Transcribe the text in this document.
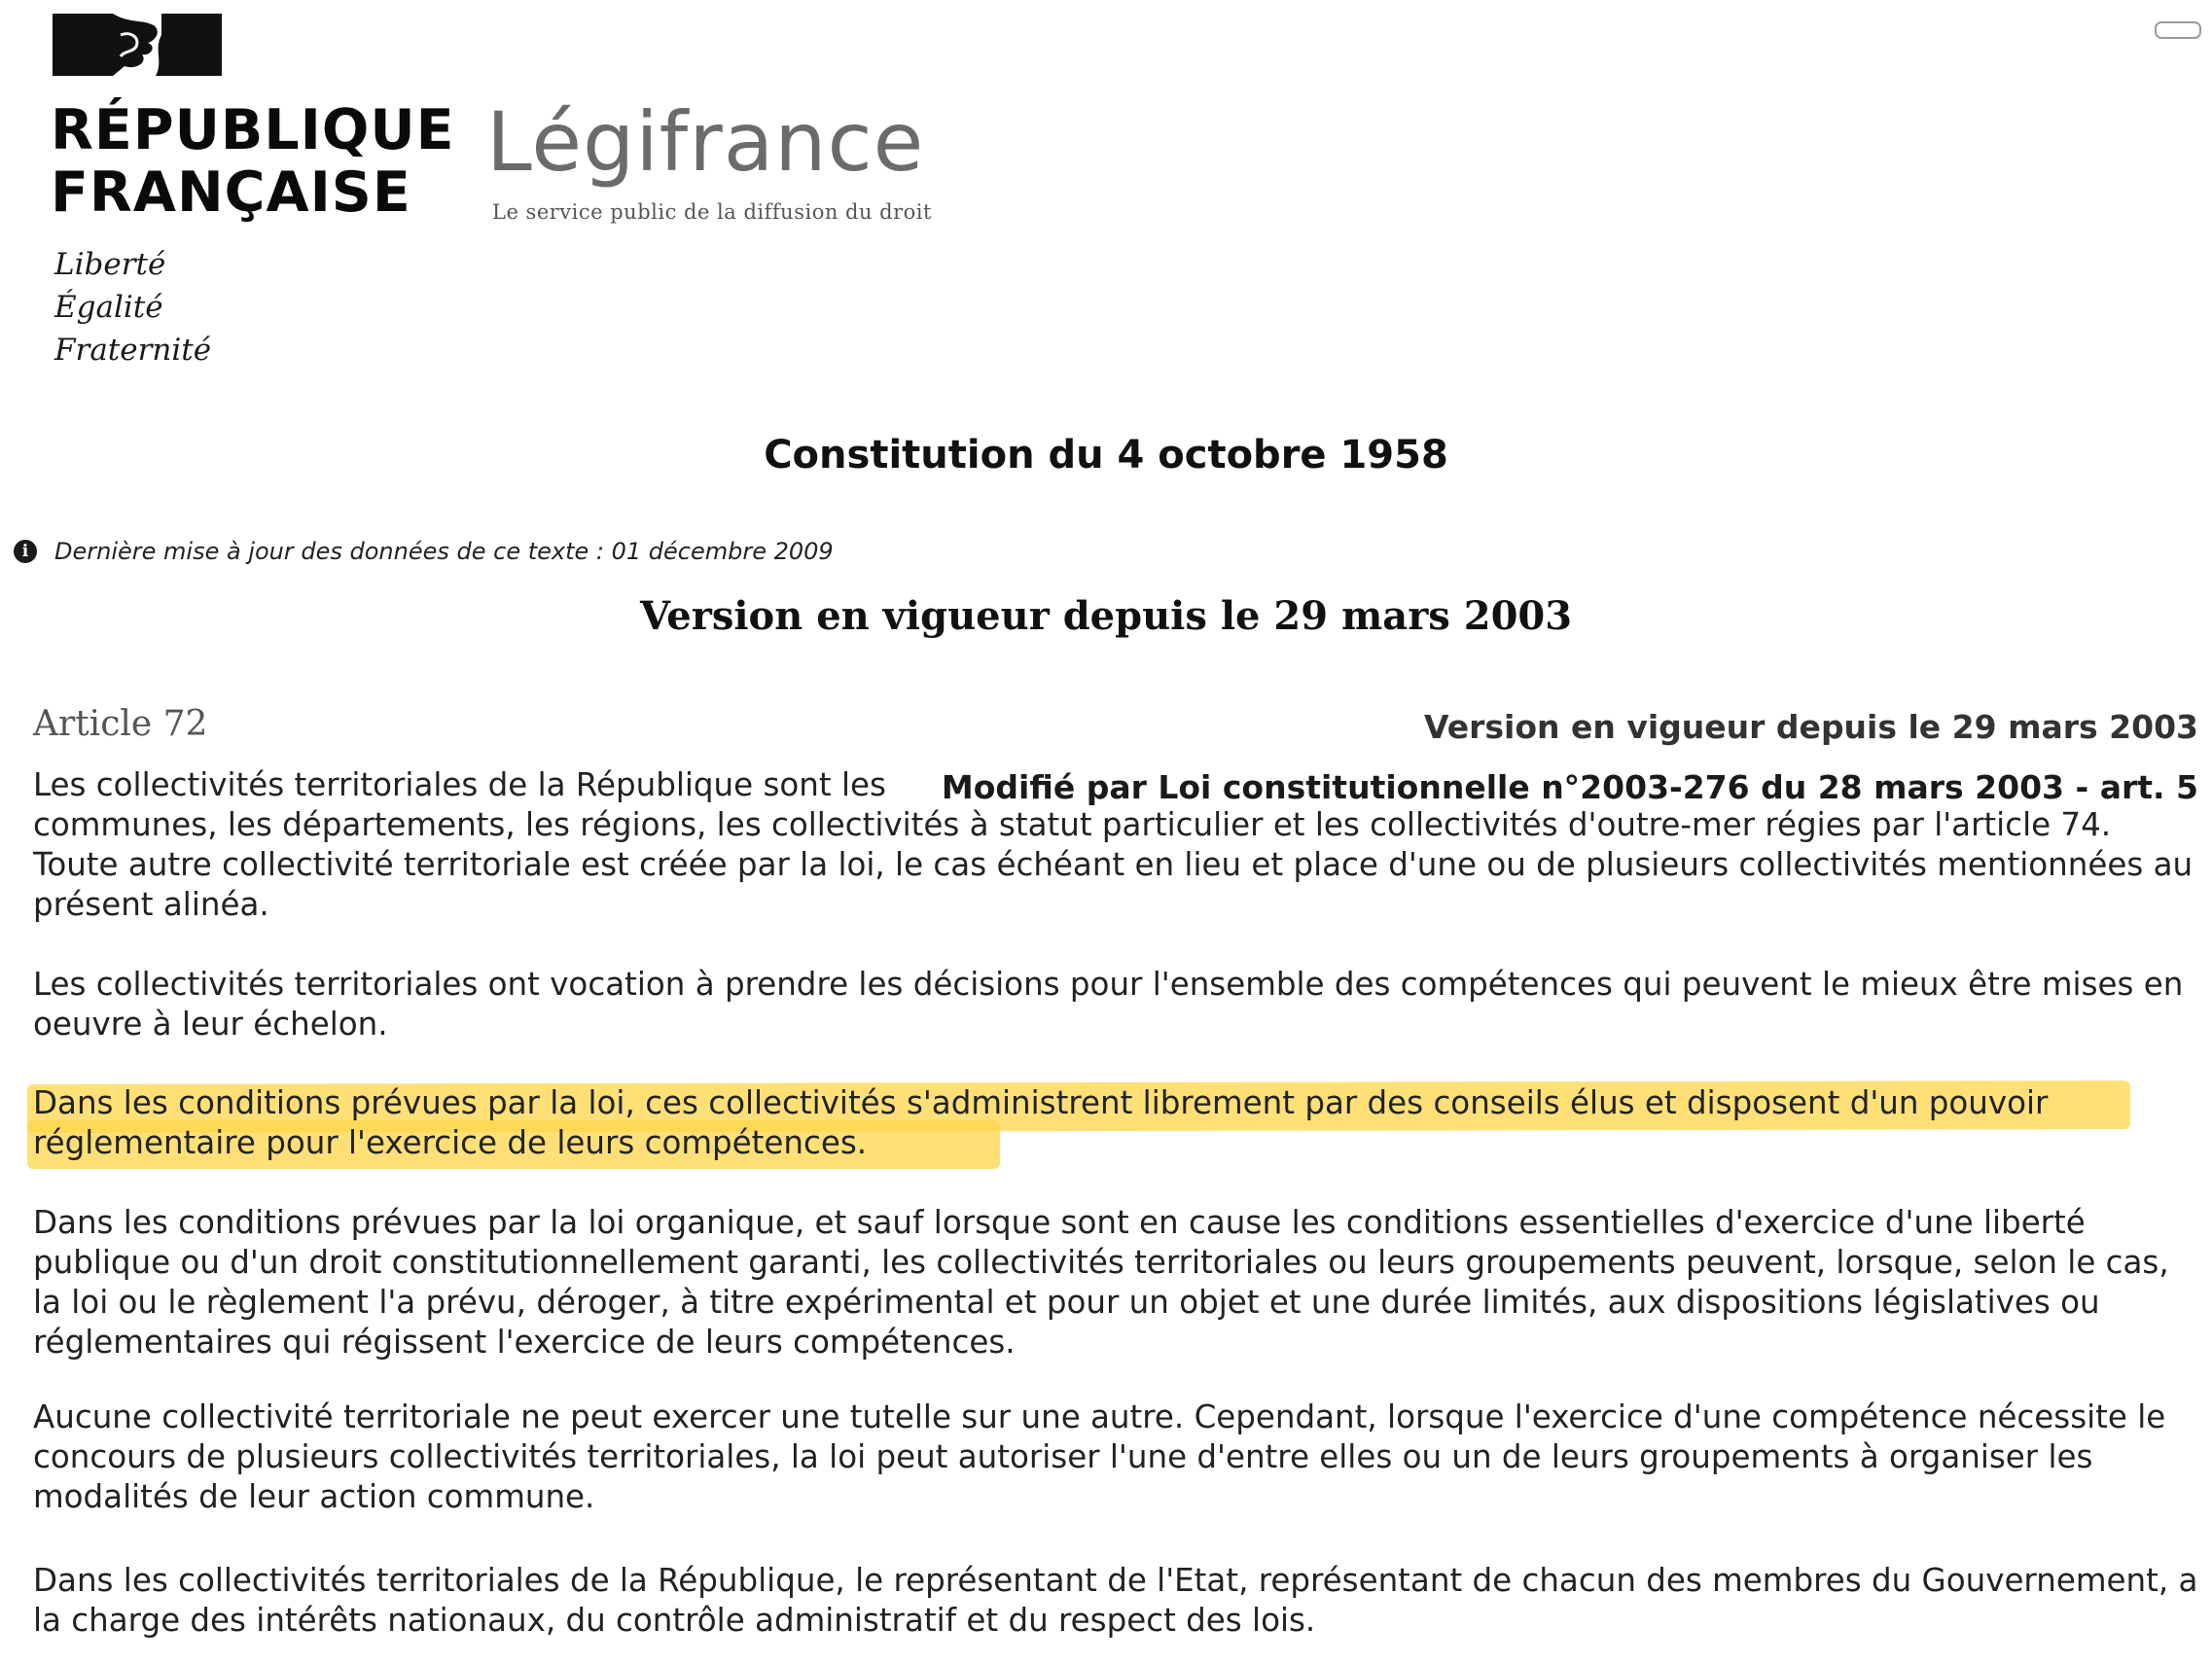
RÉPUBLIQUE
FRANÇAISE
Liberté
Égalité
Fraternité
Légifrance
Le service public de la diffusion du droit
Constitution du 4 octobre 1958
i	Dernière mise à jour des données de ce texte : 01 décembre 2009
Version en vigueur depuis le 29 mars 2003
Article 72	Version en vigueur depuis le 29 mars 2003
Modifié par Loi constitutionnelle n°2003-276 du 28 mars 2003 - art. 5

Les collectivités territoriales de la République sont les
communes, les départements, les régions, les collectivités à statut particulier et les collectivités d'outre-mer régies par l'article 74. Toute autre collectivité territoriale est créée par la loi, le cas échéant en lieu et place d'une ou de plusieurs collectivités mentionnées au présent alinéa.

Les collectivités territoriales ont vocation à prendre les décisions pour l'ensemble des compétences qui peuvent le mieux être mises en oeuvre à leur échelon.

Dans les conditions prévues par la loi, ces collectivités s'administrent librement par des conseils élus et disposent d'un pouvoir réglementaire pour l'exercice de leurs compétences.

Dans les conditions prévues par la loi organique, et sauf lorsque sont en cause les conditions essentielles d'exercice d'une liberté publique ou d'un droit constitutionnellement garanti, les collectivités territoriales ou leurs groupements peuvent, lorsque, selon le cas, la loi ou le règlement l'a prévu, déroger, à titre expérimental et pour un objet et une durée limités, aux dispositions législatives ou réglementaires qui régissent l'exercice de leurs compétences.

Aucune collectivité territoriale ne peut exercer une tutelle sur une autre. Cependant, lorsque l'exercice d'une compétence nécessite le concours de plusieurs collectivités territoriales, la loi peut autoriser l'une d'entre elles ou un de leurs groupements à organiser les modalités de leur action commune.

Dans les collectivités territoriales de la République, le représentant de l'Etat, représentant de chacun des membres du Gouvernement, a la charge des intérêts nationaux, du contrôle administratif et du respect des lois.
